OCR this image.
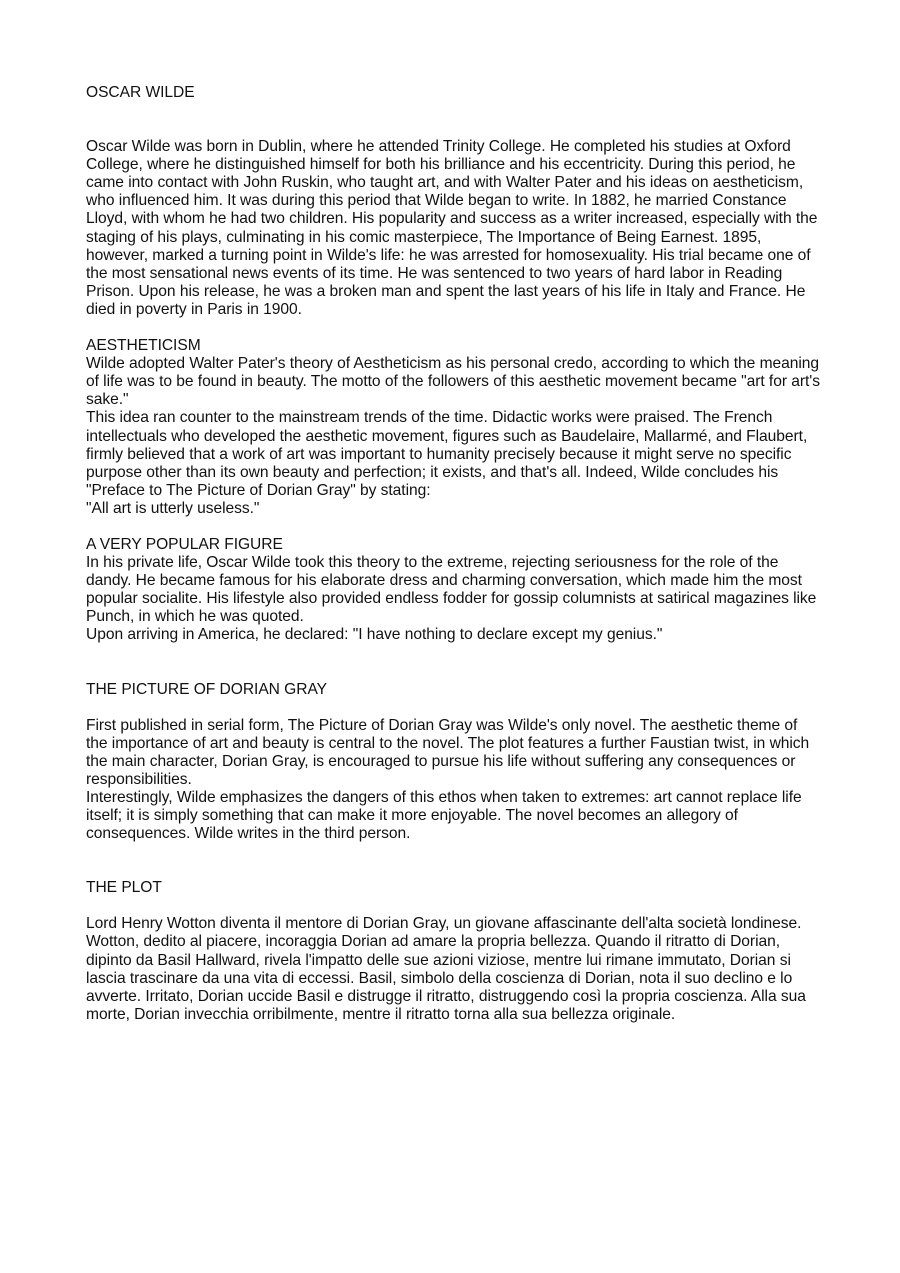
OSCAR WILDE

Oscar Wilde was born in Dublin, where he attended Trinity College. He completed his studies at Oxford College, where he distinguished himself for both his brilliance and his eccentricity. During this period, he came into contact with John Ruskin, who taught art, and with Walter Pater and his ideas on aestheticism, who influenced him. It was during this period that Wilde began to write. In 1882, he married Constance Lloyd, with whom he had two children. His popularity and success as a writer increased, especially with the staging of his plays, culminating in his comic masterpiece, The Importance of Being Earnest. 1895, however, marked a turning point in Wilde's life: he was arrested for homosexuality. His trial became one of the most sensational news events of its time. He was sentenced to two years of hard labor in Reading Prison. Upon his release, he was a broken man and spent the last years of his life in Italy and France. He died in poverty in Paris in 1900.

AESTHETICISM

Wilde adopted Walter Pater's theory of Aestheticism as his personal credo, according to which the meaning of life was to be found in beauty. The motto of the followers of this aesthetic movement became "art for art's sake."

This idea ran counter to the mainstream trends of the time. Didactic works were praised. The French intellectuals who developed the aesthetic movement, figures such as Baudelaire, Mallarmé, and Flaubert, firmly believed that a work of art was important to humanity precisely because it might serve no specific purpose other than its own beauty and perfection; it exists, and that's all. Indeed, Wilde concludes his "Preface to The Picture of Dorian Gray" by stating:

"All art is utterly useless."

A VERY POPULAR FIGURE

In his private life, Oscar Wilde took this theory to the extreme, rejecting seriousness for the role of the dandy. He became famous for his elaborate dress and charming conversation, which made him the most popular socialite. His lifestyle also provided endless fodder for gossip columnists at satirical magazines like Punch, in which he was quoted.

Upon arriving in America, he declared: "I have nothing to declare except my genius."

THE PICTURE OF DORIAN GRAY

First published in serial form, The Picture of Dorian Gray was Wilde's only novel. The aesthetic theme of the importance of art and beauty is central to the novel. The plot features a further Faustian twist, in which the main character, Dorian Gray, is encouraged to pursue his life without suffering any consequences or responsibilities.

Interestingly, Wilde emphasizes the dangers of this ethos when taken to extremes: art cannot replace life itself; it is simply something that can make it more enjoyable. The novel becomes an allegory of consequences. Wilde writes in the third person.

THE PLOT

Lord Henry Wotton diventa il mentore di Dorian Gray, un giovane affascinante dell'alta società londinese. Wotton, dedito al piacere, incoraggia Dorian ad amare la propria bellezza. Quando il ritratto di Dorian, dipinto da Basil Hallward, rivela l'impatto delle sue azioni viziose, mentre lui rimane immutato, Dorian si lascia trascinare da una vita di eccessi. Basil, simbolo della coscienza di Dorian, nota il suo declino e lo avverte. Irritato, Dorian uccide Basil e distrugge il ritratto, distruggendo così la propria coscienza. Alla sua morte, Dorian invecchia orribilmente, mentre il ritratto torna alla sua bellezza originale.
